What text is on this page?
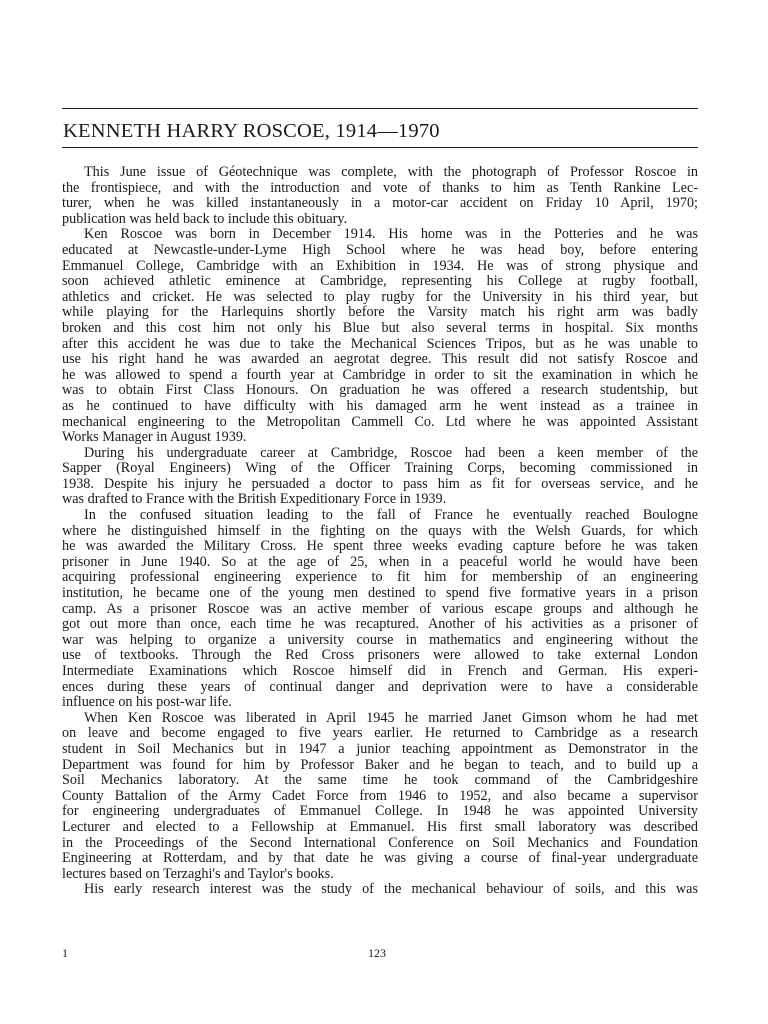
KENNETH HARRY ROSCOE, 1914—1970
This June issue of Géotechnique was complete, with the photograph of Professor Roscoe in
the frontispiece, and with the introduction and vote of thanks to him as Tenth Rankine Lec-
turer, when he was killed instantaneously in a motor-car accident on Friday 10 April, 1970;
publication was held back to include this obituary.
Ken Roscoe was born in December 1914. His home was in the Potteries and he was
educated at Newcastle-under-Lyme High School where he was head boy, before entering
Emmanuel College, Cambridge with an Exhibition in 1934. He was of strong physique and
soon achieved athletic eminence at Cambridge, representing his College at rugby football,
athletics and cricket. He was selected to play rugby for the University in his third year, but
while playing for the Harlequins shortly before the Varsity match his right arm was badly
broken and this cost him not only his Blue but also several terms in hospital. Six months
after this accident he was due to take the Mechanical Sciences Tripos, but as he was unable to
use his right hand he was awarded an aegrotat degree. This result did not satisfy Roscoe and
he was allowed to spend a fourth year at Cambridge in order to sit the examination in which he
was to obtain First Class Honours. On graduation he was offered a research studentship, but
as he continued to have difficulty with his damaged arm he went instead as a trainee in
mechanical engineering to the Metropolitan Cammell Co. Ltd where he was appointed Assistant
Works Manager in August 1939.
During his undergraduate career at Cambridge, Roscoe had been a keen member of the
Sapper (Royal Engineers) Wing of the Officer Training Corps, becoming commissioned in
1938. Despite his injury he persuaded a doctor to pass him as fit for overseas service, and he
was drafted to France with the British Expeditionary Force in 1939.
In the confused situation leading to the fall of France he eventually reached Boulogne
where he distinguished himself in the fighting on the quays with the Welsh Guards, for which
he was awarded the Military Cross. He spent three weeks evading capture before he was taken
prisoner in June 1940. So at the age of 25, when in a peaceful world he would have been
acquiring professional engineering experience to fit him for membership of an engineering
institution, he became one of the young men destined to spend five formative years in a prison
camp. As a prisoner Roscoe was an active member of various escape groups and although he
got out more than once, each time he was recaptured. Another of his activities as a prisoner of
war was helping to organize a university course in mathematics and engineering without the
use of textbooks. Through the Red Cross prisoners were allowed to take external London
Intermediate Examinations which Roscoe himself did in French and German. His experi-
ences during these years of continual danger and deprivation were to have a considerable
influence on his post-war life.
When Ken Roscoe was liberated in April 1945 he married Janet Gimson whom he had met
on leave and become engaged to five years earlier. He returned to Cambridge as a research
student in Soil Mechanics but in 1947 a junior teaching appointment as Demonstrator in the
Department was found for him by Professor Baker and he began to teach, and to build up a
Soil Mechanics laboratory. At the same time he took command of the Cambridgeshire
County Battalion of the Army Cadet Force from 1946 to 1952, and also became a supervisor
for engineering undergraduates of Emmanuel College. In 1948 he was appointed University
Lecturer and elected to a Fellowship at Emmanuel. His first small laboratory was described
in the Proceedings of the Second International Conference on Soil Mechanics and Foundation
Engineering at Rotterdam, and by that date he was giving a course of final-year undergraduate
lectures based on Terzaghi's and Taylor's books.
His early research interest was the study of the mechanical behaviour of soils, and this was
1	123
